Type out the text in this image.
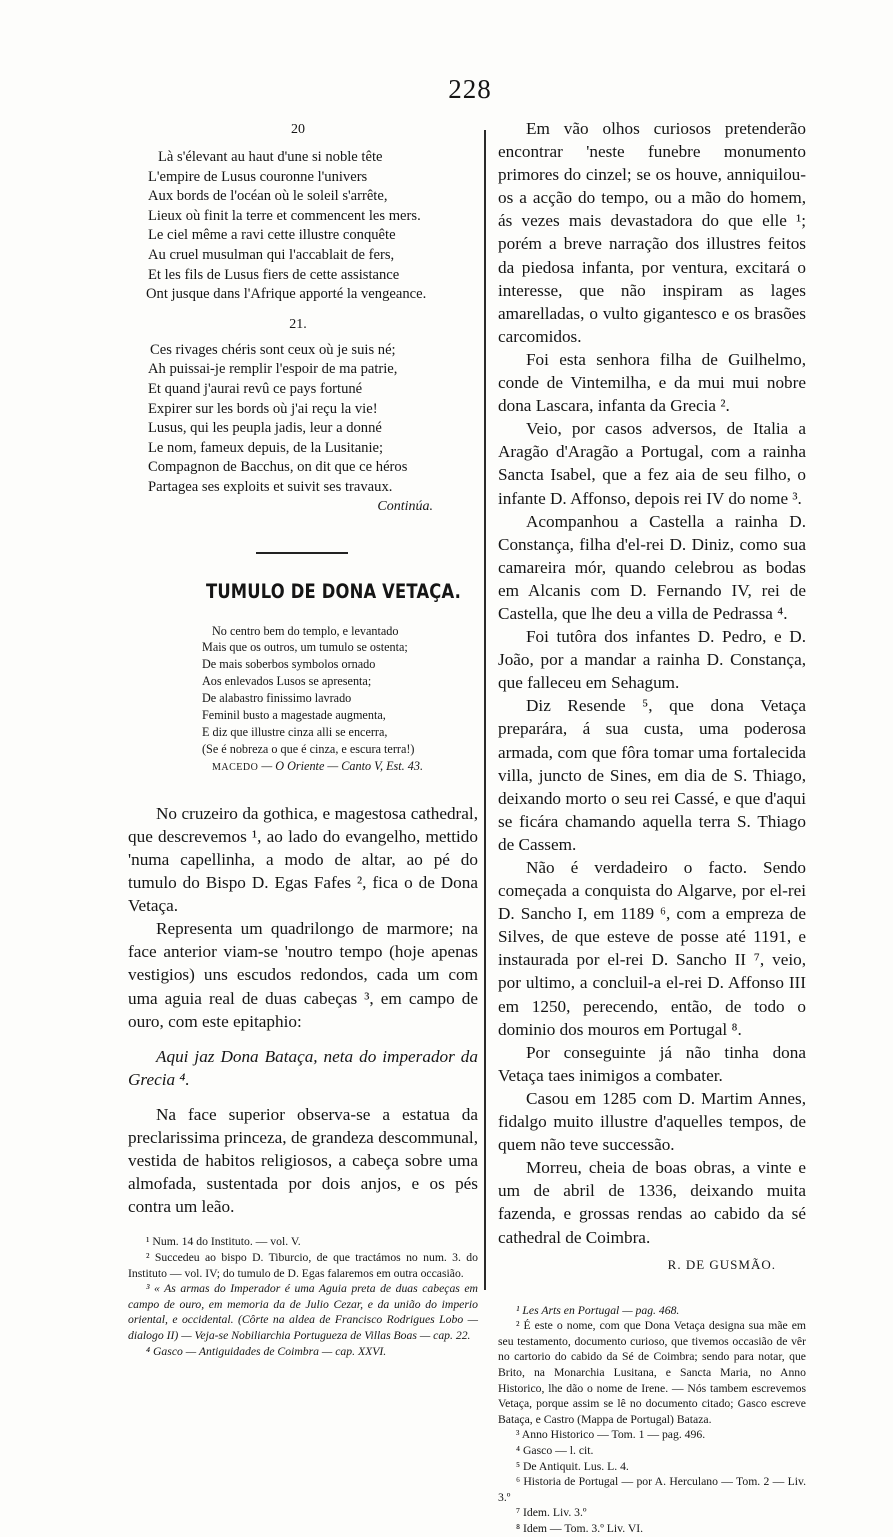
228
20
Là s'élevant au haut d'une si noble tête
L'empire de Lusus couronne l'univers
Aux bords de l'océan où le soleil s'arrête,
Lieux où finit la terre et commencent les mers.
Le ciel même a ravi cette illustre conquête
Au cruel musulman qui l'accablait de fers,
Et les fils de Lusus fiers de cette assistance
Ont jusque dans l'Afrique apporté la vengeance.
21.
Ces rivages chéris sont ceux où je suis né;
Ah puissai-je remplir l'espoir de ma patrie,
Et quand j'aurai revû ce pays fortuné
Expirer sur les bords où j'ai reçu la vie!
Lusus, qui les peupla jadis, leur a donné
Le nom, fameux depuis, de la Lusitanie;
Compagnon de Bacchus, on dit que ce héros
Partagea ses exploits et suivit ses travaux.
Continúa.
TUMULO DE DONA VETAÇA.
No centro bem do templo, e levantado
Mais que os outros, um tumulo se ostenta;
De mais soberbos symbolos ornado
Aos enlevados Lusos se apresenta;
De alabastro finissimo lavrado
Feminil busto a magestade augmenta,
E diz que illustre cinza alli se encerra,
(Se é nobreza o que é cinza, e escura terra!)
MACEDO — O Oriente — Canto V, Est. 43.

No cruzeiro da gothica, e magestosa cathedral, que descrevemos ¹, ao lado do evangelho, mettido 'numa capellinha, a modo de altar, ao pé do tumulo do Bispo D. Egas Fafes ², fica o de Dona Vetaça.

Representa um quadrilongo de marmore; na face anterior viam-se 'noutro tempo (hoje apenas vestigios) uns escudos redondos, cada um com uma aguia real de duas cabeças ³, em campo de ouro, com este epitaphio:

Aqui jaz Dona Bataça, neta do imperador da Grecia ⁴.

Na face superior observa-se a estatua da preclarissima princeza, de grandeza descommunal, vestida de habitos religiosos, a cabeça sobre uma almofada, sustentada por dois anjos, e os pés contra um leão.

¹ Num. 14 do Instituto. — vol. V.

² Succedeu ao bispo D. Tiburcio, de que tractámos no num. 3. do Instituto — vol. IV; do tumulo de D. Egas falaremos em outra occasião.

³ « As armas do Imperador é uma Aguia preta de duas cabeças em campo de ouro, em memoria da de Julio Cezar, e da união do imperio oriental, e occidental. (Côrte na aldea de Francisco Rodrigues Lobo — dialogo II) — Veja-se Nobiliarchia Portugueza de Villas Boas — cap. 22.

⁴ Gasco — Antiguidades de Coimbra — cap. XXVI.

Em vão olhos curiosos pretenderão encontrar 'neste funebre monumento primores do cinzel; se os houve, anniquilou-os a acção do tempo, ou a mão do homem, ás vezes mais devastadora do que elle ¹; porém a breve narração dos illustres feitos da piedosa infanta, por ventura, excitará o interesse, que não inspiram as lages amarelladas, o vulto gigantesco e os brasões carcomidos.

Foi esta senhora filha de Guilhelmo, conde de Vintemilha, e da mui mui nobre dona Lascara, infanta da Grecia ².

Veio, por casos adversos, de Italia a Aragão d'Aragão a Portugal, com a rainha Sancta Isabel, que a fez aia de seu filho, o infante D. Affonso, depois rei IV do nome ³.

Acompanhou a Castella a rainha D. Constança, filha d'el-rei D. Diniz, como sua camareira mór, quando celebrou as bodas em Alcanis com D. Fernando IV, rei de Castella, que lhe deu a villa de Pedrassa ⁴.

Foi tutôra dos infantes D. Pedro, e D. João, por a mandar a rainha D. Constança, que falleceu em Sehagum.

Diz Resende ⁵, que dona Vetaça preparára, á sua custa, uma poderosa armada, com que fôra tomar uma fortalecida villa, juncto de Sines, em dia de S. Thiago, deixando morto o seu rei Cassé, e que d'aqui se ficára chamando aquella terra S. Thiago de Cassem.

Não é verdadeiro o facto. Sendo começada a conquista do Algarve, por el-rei D. Sancho I, em 1189 ⁶, com a empreza de Silves, de que esteve de posse até 1191, e instaurada por el-rei D. Sancho II ⁷, veio, por ultimo, a concluil-a el-rei D. Affonso III em 1250, perecendo, então, de todo o dominio dos mouros em Portugal ⁸.

Por conseguinte já não tinha dona Vetaça taes inimigos a combater.

Casou em 1285 com D. Martim Annes, fidalgo muito illustre d'aquelles tempos, de quem não teve successão.

Morreu, cheia de boas obras, a vinte e um de abril de 1336, deixando muita fazenda, e grossas rendas ao cabido da sé cathedral de Coimbra.

R. DE GUSMÃO.

¹ Les Arts en Portugal — pag. 468.

² É este o nome, com que Dona Vetaça designa sua mãe em seu testamento, documento curioso, que tivemos occasião de vêr no cartorio do cabido da Sé de Coimbra; sendo para notar, que Brito, na Monarchia Lusitana, e Sancta Maria, no Anno Historico, lhe dão o nome de Irene. — Nós tambem escrevemos Vetaça, porque assim se lê no documento citado; Gasco escreve Bataça, e Castro (Mappa de Portugal) Bataza.

³ Anno Historico — Tom. 1 — pag. 496.

⁴ Gasco — l. cit.

⁵ De Antiquit. Lus. L. 4.

⁶ Historia de Portugal — por A. Herculano — Tom. 2 — Liv. 3.º

⁷ Idem. Liv. 3.º

⁸ Idem — Tom. 3.º Liv. VI.
